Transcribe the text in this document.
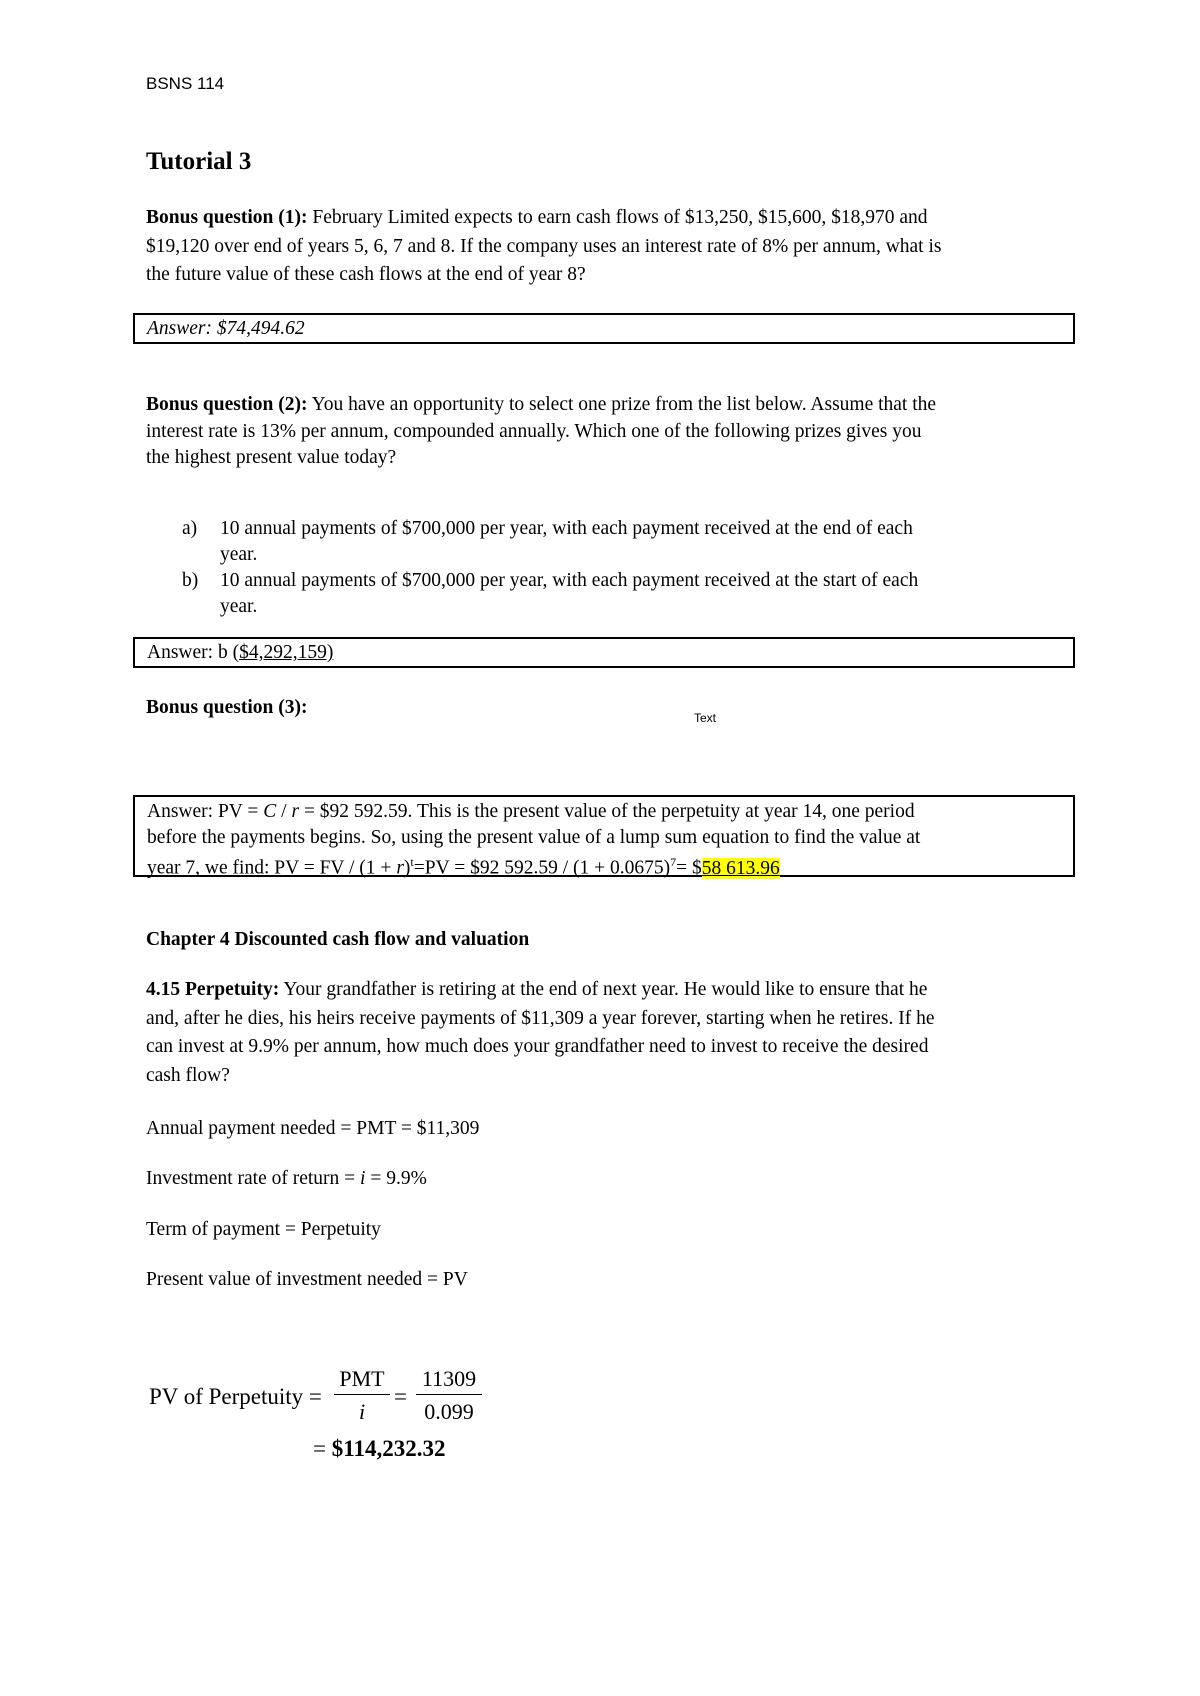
BSNS 114
Tutorial 3
Bonus question (1): February Limited expects to earn cash flows of $13,250, $15,600, $18,970 and
$19,120 over end of years 5, 6, 7 and 8. If the company uses an interest rate of 8% per annum, what is
the future value of these cash flows at the end of year 8?
Answer: $74,494.62
Bonus question (2): You have an opportunity to select one prize from the list below. Assume that the
interest rate is 13% per annum, compounded annually. Which one of the following prizes gives you
the highest present value today?
a) 10 annual payments of $700,000 per year, with each payment received at the end of each
year.
b) 10 annual payments of $700,000 per year, with each payment received at the start of each
year.
Answer: b ($4,292,159)
Bonus question (3):	Text
Answer: PV = C / r = $92 592.59. This is the present value of the perpetuity at year 14, one period
before the payments begins. So, using the present value of a lump sum equation to find the value at
year 7, we find: PV = FV / $(1 + r)^t=PV$ = $92 $592.59 / (1 + 0.0675)^7=$ $58 613.96
Chapter 4 Discounted cash flow and valuation
4.15 Perpetuity: Your grandfather is retiring at the end of next year. He would like to ensure that he
and, after he dies, his heirs receive payments of $11,309 a year forever, starting when he retires. If he
can invest at 9.9% per annum, how much does your grandfather need to invest to receive the desired
cash flow?
Annual payment needed = PMT = $11,309
Investment rate of return = i = 9.9%
Term of payment = Perpetuity
Present value of investment needed = PV
PV of Perpetuity =
PMT
i
= $\frac{11309}{0.099}$
= $114,232.32
